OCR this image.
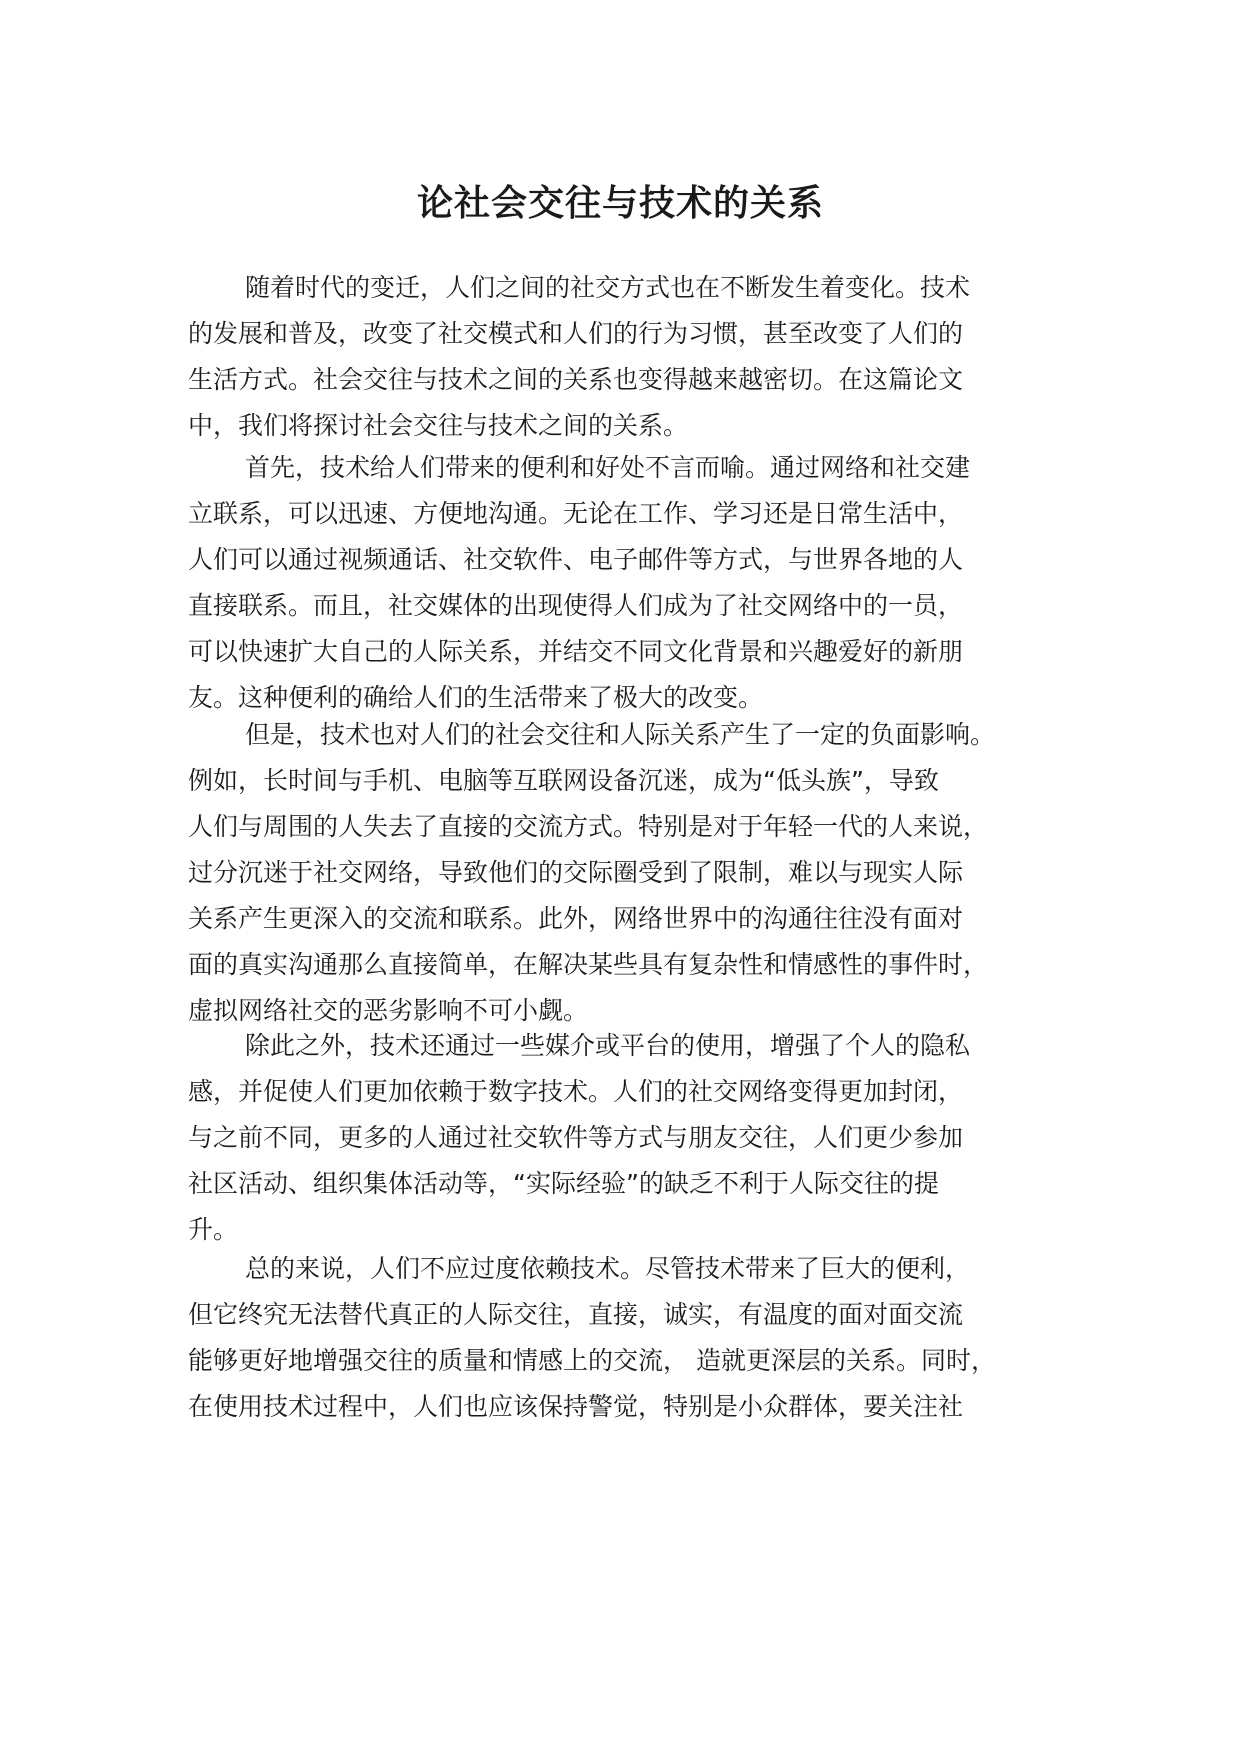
论社会交往与技术的关系
随着时代的变迁，人们之间的社交方式也在不断发生着变化。技术
的发展和普及，改变了社交模式和人们的行为习惯，甚至改变了人们的
生活方式。社会交往与技术之间的关系也变得越来越密切。在这篇论文
中，我们将探讨社会交往与技术之间的关系。
首先，技术给人们带来的便利和好处不言而喻。通过网络和社交建
立联系，可以迅速、方便地沟通。无论在工作、学习还是日常生活中，
人们可以通过视频通话、社交软件、电子邮件等方式，与世界各地的人
直接联系。而且，社交媒体的出现使得人们成为了社交网络中的一员，
可以快速扩大自己的人际关系，并结交不同文化背景和兴趣爱好的新朋
友。这种便利的确给人们的生活带来了极大的改变。
但是，技术也对人们的社会交往和人际关系产生了一定的负面影响。
例如，长时间与手机、电脑等互联网设备沉迷，成为“低头族”，导致
人们与周围的人失去了直接的交流方式。特别是对于年轻一代的人来说，
过分沉迷于社交网络，导致他们的交际圈受到了限制，难以与现实人际
关系产生更深入的交流和联系。此外，网络世界中的沟通往往没有面对
面的真实沟通那么直接简单，在解决某些具有复杂性和情感性的事件时，
虚拟网络社交的恶劣影响不可小觑。
除此之外，技术还通过一些媒介或平台的使用，增强了个人的隐私
感，并促使人们更加依赖于数字技术。人们的社交网络变得更加封闭，
与之前不同，更多的人通过社交软件等方式与朋友交往，人们更少参加
社区活动、组织集体活动等，“实际经验”的缺乏不利于人际交往的提
升。
总的来说，人们不应过度依赖技术。尽管技术带来了巨大的便利，
但它终究无法替代真正的人际交往，直接，诚实，有温度的面对面交流
能够更好地增强交往的质量和情感上的交流， 造就更深层的关系。同时，
在使用技术过程中，人们也应该保持警觉，特别是小众群体，要关注社
